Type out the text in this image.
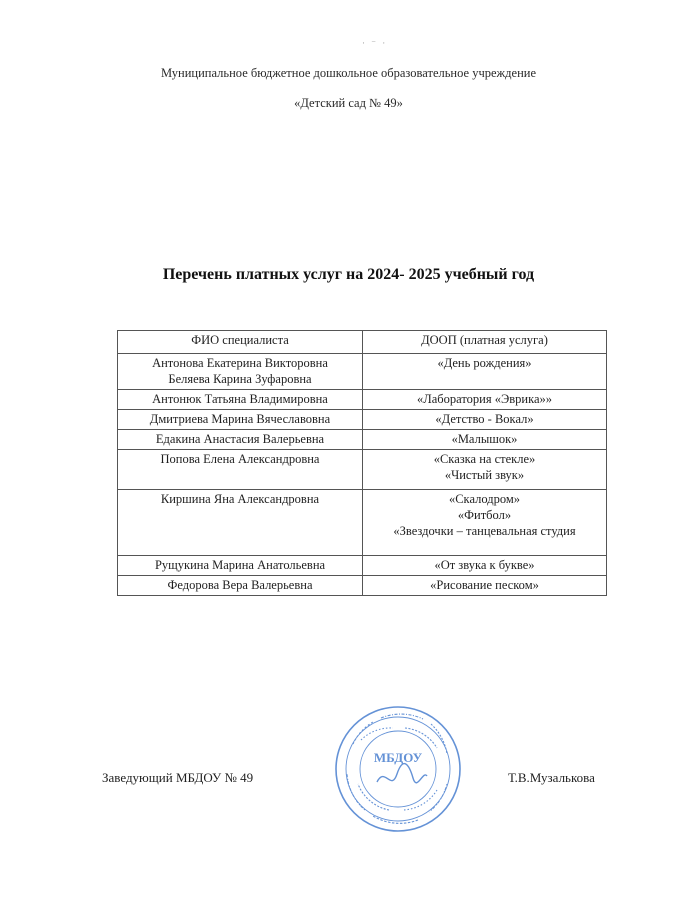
· ⁻ ·
Муниципальное бюджетное дошкольное образовательное учреждение
«Детский сад № 49»
Перечень платных услуг на 2024- 2025 учебный год
ФИО специалиста	ДООП (платная услуга)

Антонова Екатерина Викторовна
Беляева Карина Зуфаровна	«День рождения»

Антонюк Татьяна Владимировна	«Лаборатория «Эврика»»

Дмитриева Марина Вячеславовна	«Детство - Вокал»

Едакина Анастасия Валерьевна	«Малышок»

Попова Елена Александровна	«Сказка на стекле»
«Чистый звук»

Киршина Яна Александровна	«Скалодром»
«Фитбол»
«Звездочки – танцевальная студия

Рущукина Марина Анатольевна	«От звука к букве»

Федорова Вера Валерьевна	«Рисование песком»
Заведующий МБДОУ № 49
МБДОУ
Т.В.Музалькова
